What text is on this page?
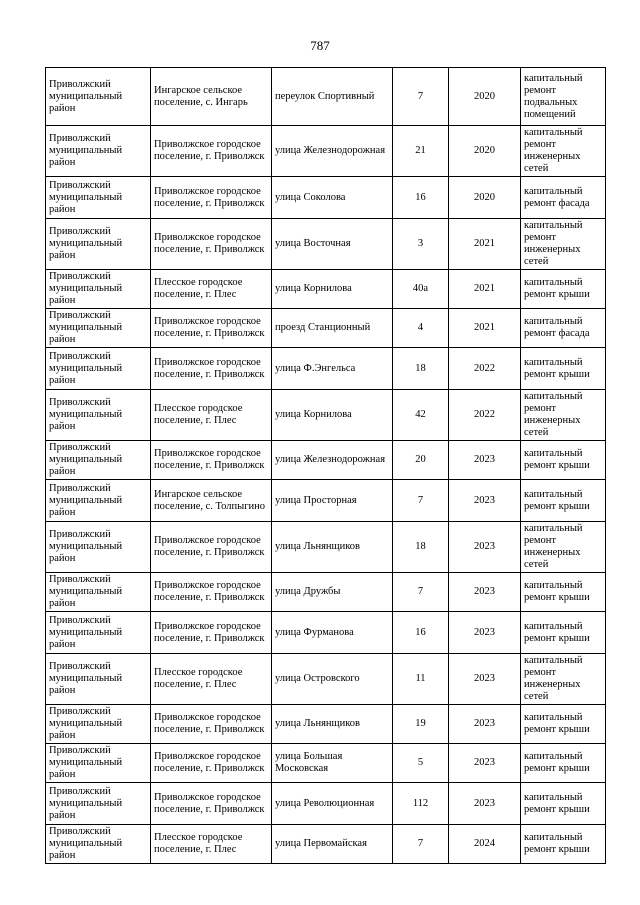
787
Приволжский муниципальный район	Ингарское сельское поселение, с. Ингарь	переулок Спортивный	7	2020	капитальный ремонт подвальных помещений
Приволжский муниципальный район	Приволжское городское поселение, г. Приволжск	улица Железнодорожная	21	2020	капитальный ремонт инженерных сетей
Приволжский муниципальный район	Приволжское городское поселение, г. Приволжск	улица Соколова	16	2020	капитальный ремонт фасада
Приволжский муниципальный район	Приволжское городское поселение, г. Приволжск	улица Восточная	3	2021	капитальный ремонт инженерных сетей
Приволжский муниципальный район	Плесское городское поселение, г. Плес	улица Корнилова	40а	2021	капитальный ремонт крыши
Приволжский муниципальный район	Приволжское городское поселение, г. Приволжск	проезд Станционный	4	2021	капитальный ремонт фасада
Приволжский муниципальный район	Приволжское городское поселение, г. Приволжск	улица Ф.Энгельса	18	2022	капитальный ремонт крыши
Приволжский муниципальный район	Плесское городское поселение, г. Плес	улица Корнилова	42	2022	капитальный ремонт инженерных сетей
Приволжский муниципальный район	Приволжское городское поселение, г. Приволжск	улица Железнодорожная	20	2023	капитальный ремонт крыши
Приволжский муниципальный район	Ингарское сельское поселение, с. Толпыгино	улица Просторная	7	2023	капитальный ремонт крыши
Приволжский муниципальный район	Приволжское городское поселение, г. Приволжск	улица Льнянщиков	18	2023	капитальный ремонт инженерных сетей
Приволжский муниципальный район	Приволжское городское поселение, г. Приволжск	улица Дружбы	7	2023	капитальный ремонт крыши
Приволжский муниципальный район	Приволжское городское поселение, г. Приволжск	улица Фурманова	16	2023	капитальный ремонт крыши
Приволжский муниципальный район	Плесское городское поселение, г. Плес	улица Островского	11	2023	капитальный ремонт инженерных сетей
Приволжский муниципальный район	Приволжское городское поселение, г. Приволжск	улица Льнянщиков	19	2023	капитальный ремонт крыши
Приволжский муниципальный район	Приволжское городское поселение, г. Приволжск	улица Большая Московская	5	2023	капитальный ремонт крыши
Приволжский муниципальный район	Приволжское городское поселение, г. Приволжск	улица Революционная	112	2023	капитальный ремонт крыши
Приволжский муниципальный район	Плесское городское поселение, г. Плес	улица Первомайская	7	2024	капитальный ремонт крыши
